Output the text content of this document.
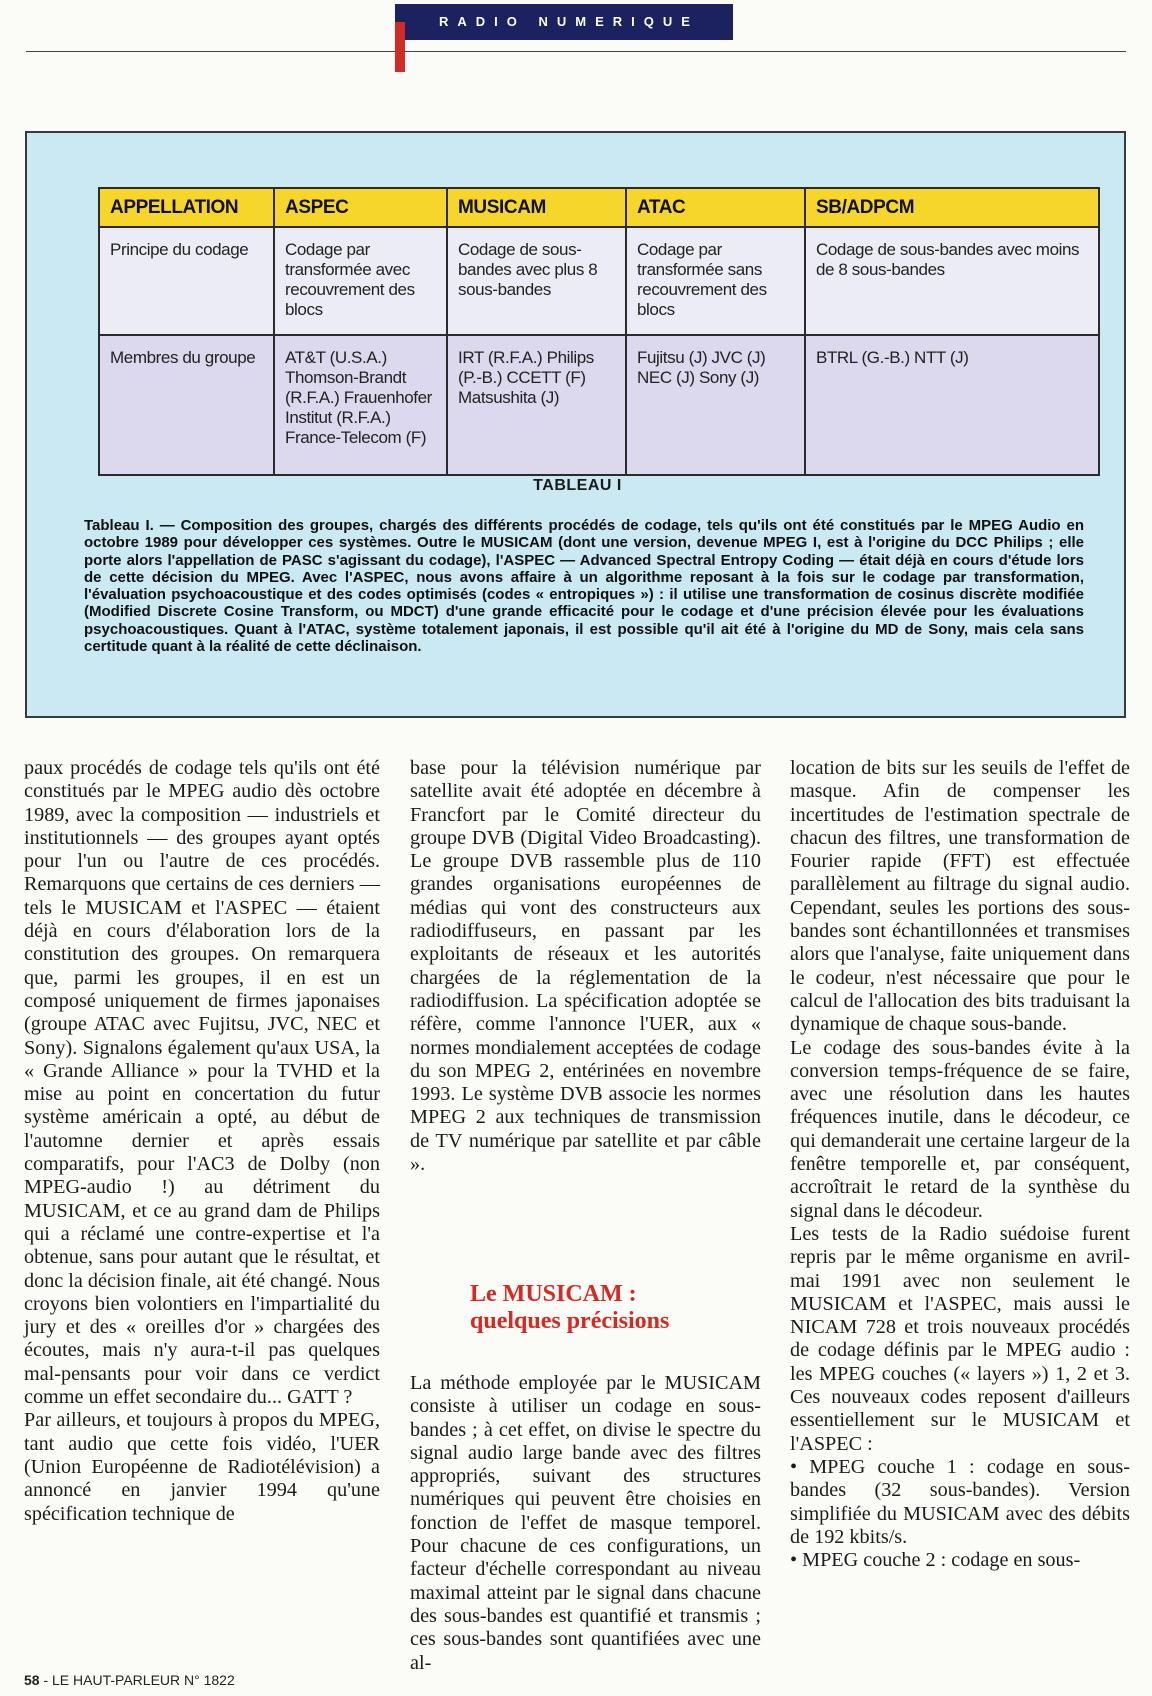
RADIO NUMERIQUE
APPELLATION	ASPEC	MUSICAM	ATAC	SB/ADPCM
Principe du codage	Codage par transformée avec recouvrement des blocs	Codage de sous-bandes avec plus 8 sous-bandes	Codage par transformée sans recouvrement des blocs	Codage de sous-bandes avec moins de 8 sous-bandes
Membres du groupe	AT&T (U.S.A.) Thomson-Brandt (R.F.A.) Frauenhofer Institut (R.F.A.) France-Telecom (F)	IRT (R.F.A.) Philips (P.-B.) CCETT (F) Matsushita (J)	Fujitsu (J) JVC (J) NEC (J) Sony (J)	BTRL (G.-B.) NTT (J)
TABLEAU I

Tableau I. — Composition des groupes, chargés des différents procédés de codage, tels qu'ils ont été constitués par le MPEG Audio en octobre 1989 pour développer ces systèmes. Outre le MUSICAM (dont une version, devenue MPEG I, est à l'origine du DCC Philips ; elle porte alors l'appellation de PASC s'agissant du codage), l'ASPEC — Advanced Spectral Entropy Coding — était déjà en cours d'étude lors de cette décision du MPEG. Avec l'ASPEC, nous avons affaire à un algorithme reposant à la fois sur le codage par transformation, l'évaluation psychoacoustique et des codes optimisés (codes « entropiques ») : il utilise une transformation de cosinus discrète modifiée (Modified Discrete Cosine Transform, ou MDCT) d'une grande efficacité pour le codage et d'une précision élevée pour les évaluations psychoacoustiques. Quant à l'ATAC, système totalement japonais, il est possible qu'il ait été à l'origine du MD de Sony, mais cela sans certitude quant à la réalité de cette déclinaison.

paux procédés de codage tels qu'ils ont été constitués par le MPEG audio dès octobre 1989, avec la composition — industriels et institutionnels — des groupes ayant optés pour l'un ou l'autre de ces procédés. Remarquons que certains de ces derniers — tels le MUSICAM et l'ASPEC — étaient déjà en cours d'élaboration lors de la constitution des groupes. On remarquera que, parmi les groupes, il en est un composé uniquement de firmes japonaises (groupe ATAC avec Fujitsu, JVC, NEC et Sony). Signalons également qu'aux USA, la « Grande Alliance » pour la TVHD et la mise au point en concertation du futur système américain a opté, au début de l'automne dernier et après essais comparatifs, pour l'AC3 de Dolby (non MPEG-audio !) au détriment du MUSICAM, et ce au grand dam de Philips qui a réclamé une contre-expertise et l'a obtenue, sans pour autant que le résultat, et donc la décision finale, ait été changé. Nous croyons bien volontiers en l'impartialité du jury et des « oreilles d'or » chargées des écoutes, mais n'y aura-t-il pas quelques mal-pensants pour voir dans ce verdict comme un effet secondaire du... GATT ?

Par ailleurs, et toujours à propos du MPEG, tant audio que cette fois vidéo, l'UER (Union Européenne de Radiotélévision) a annoncé en janvier 1994 qu'une spécification technique de

base pour la télévision numérique par satellite avait été adoptée en décembre à Francfort par le Comité directeur du groupe DVB (Digital Video Broadcasting). Le groupe DVB rassemble plus de 110 grandes organisations européennes de médias qui vont des constructeurs aux radiodiffuseurs, en passant par les exploitants de réseaux et les autorités chargées de la réglementation de la radiodiffusion. La spécification adoptée se réfère, comme l'annonce l'UER, aux « normes mondialement acceptées de codage du son MPEG 2, entérinées en novembre 1993. Le système DVB associe les normes MPEG 2 aux techniques de transmission de TV numérique par satellite et par câble ».

Le MUSICAM :
quelques précisions

La méthode employée par le MUSICAM consiste à utiliser un codage en sous-bandes ; à cet effet, on divise le spectre du signal audio large bande avec des filtres appropriés, suivant des structures numériques qui peuvent être choisies en fonction de l'effet de masque temporel. Pour chacune de ces configurations, un facteur d'échelle correspondant au niveau maximal atteint par le signal dans chacune des sous-bandes est quantifié et transmis ; ces sous-bandes sont quantifiées avec une al-

location de bits sur les seuils de l'effet de masque. Afin de compenser les incertitudes de l'estimation spectrale de chacun des filtres, une transformation de Fourier rapide (FFT) est effectuée parallèlement au filtrage du signal audio. Cependant, seules les portions des sous-bandes sont échantillonnées et transmises alors que l'analyse, faite uniquement dans le codeur, n'est nécessaire que pour le calcul de l'allocation des bits traduisant la dynamique de chaque sous-bande.

Le codage des sous-bandes évite à la conversion temps-fréquence de se faire, avec une résolution dans les hautes fréquences inutile, dans le décodeur, ce qui demanderait une certaine largeur de la fenêtre temporelle et, par conséquent, accroîtrait le retard de la synthèse du signal dans le décodeur.

Les tests de la Radio suédoise furent repris par le même organisme en avril-mai 1991 avec non seulement le MUSICAM et l'ASPEC, mais aussi le NICAM 728 et trois nouveaux procédés de codage définis par le MPEG audio : les MPEG couches (« layers ») 1, 2 et 3. Ces nouveaux codes reposent d'ailleurs essentiellement sur le MUSICAM et l'ASPEC :

• MPEG couche 1 : codage en sous-bandes (32 sous-bandes). Version simplifiée du MUSICAM avec des débits de 192 kbits/s.

• MPEG couche 2 : codage en sous-

58 - LE HAUT-PARLEUR N° 1822
